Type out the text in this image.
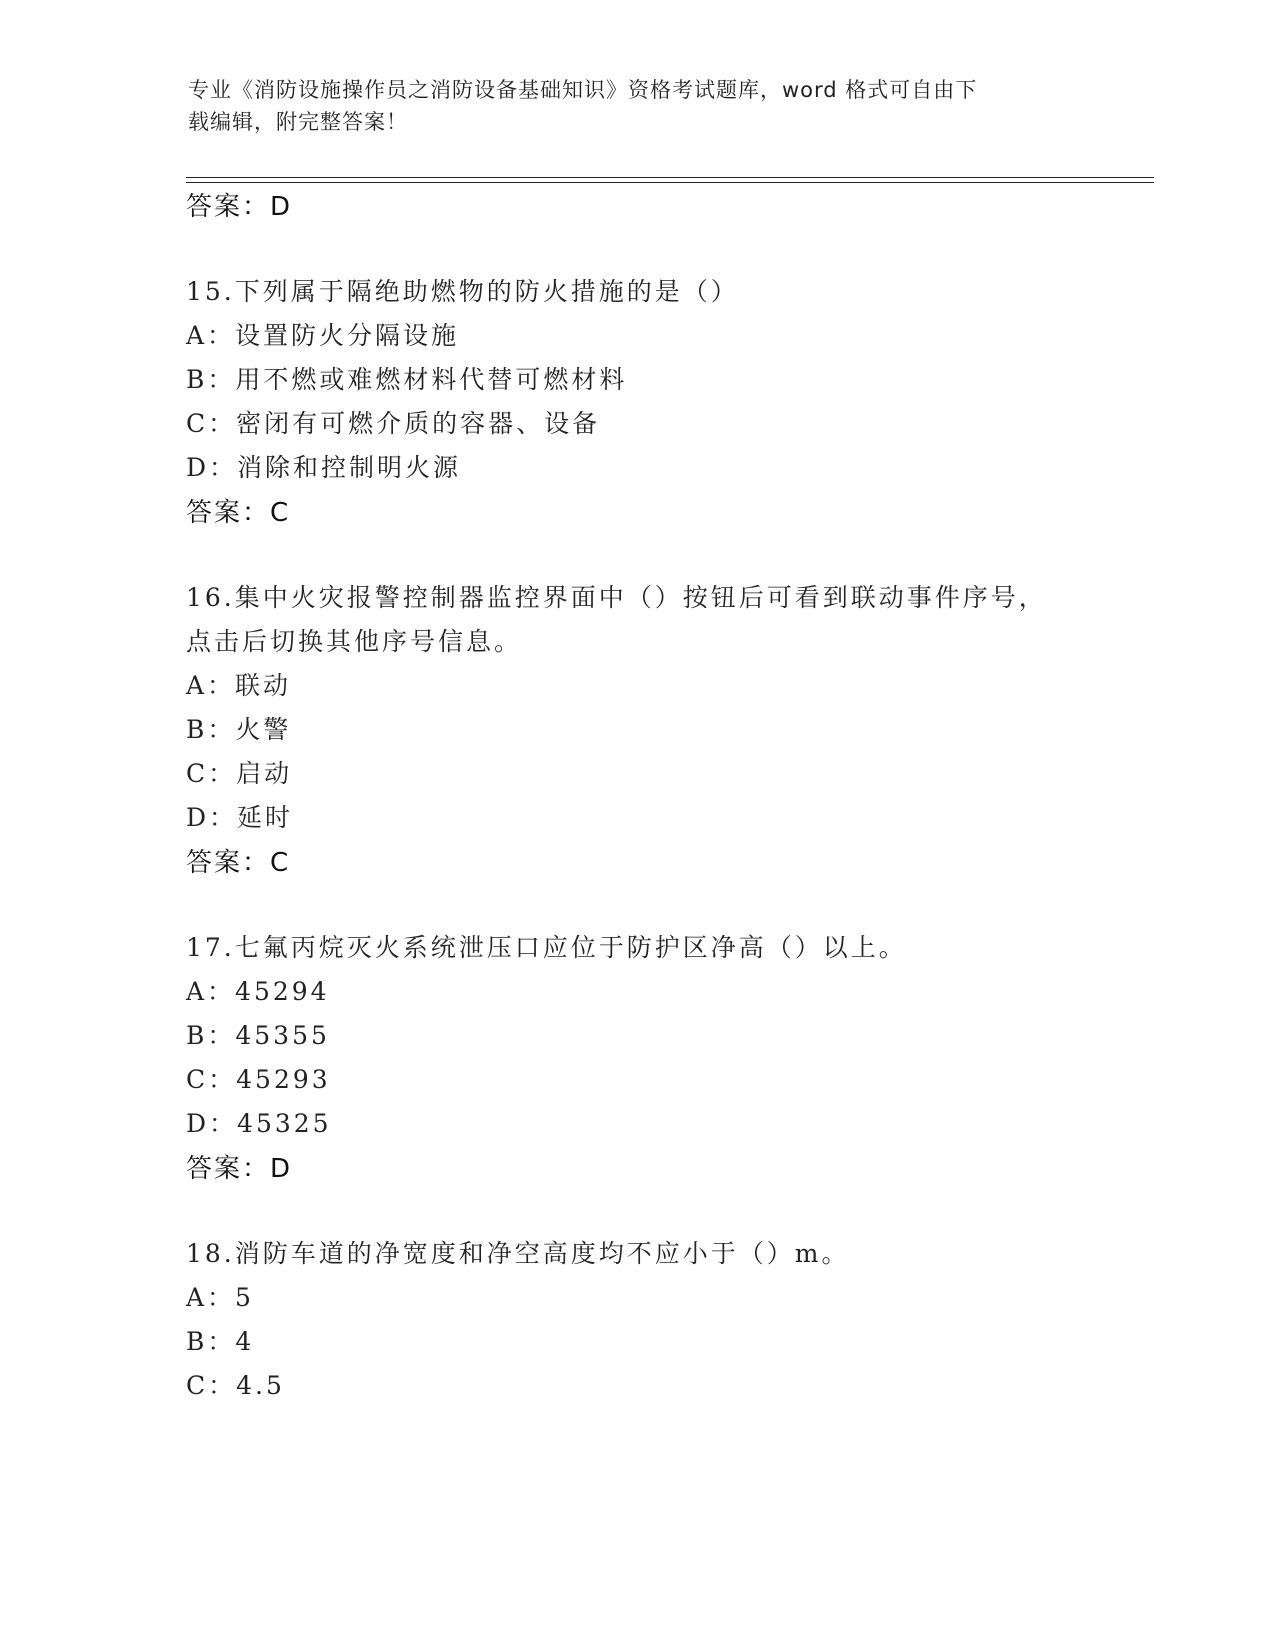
专业《消防设施操作员之消防设备基础知识》资格考试题库，word 格式可自由下
载编辑，附完整答案！
答案：D
15.下列属于隔绝助燃物的防火措施的是（）
A：设置防火分隔设施
B：用不燃或难燃材料代替可燃材料
C：密闭有可燃介质的容器、设备
D：消除和控制明火源
答案：C
16.集中火灾报警控制器监控界面中（）按钮后可看到联动事件序号，
点击后切换其他序号信息。
A：联动
B：火警
C：启动
D：延时
答案：C
17.七氟丙烷灭火系统泄压口应位于防护区净高（）以上。
A：45294
B：45355
C：45293
D：45325
答案：D
18.消防车道的净宽度和净空高度均不应小于（）m。
A：5
B：4
C：4.5
